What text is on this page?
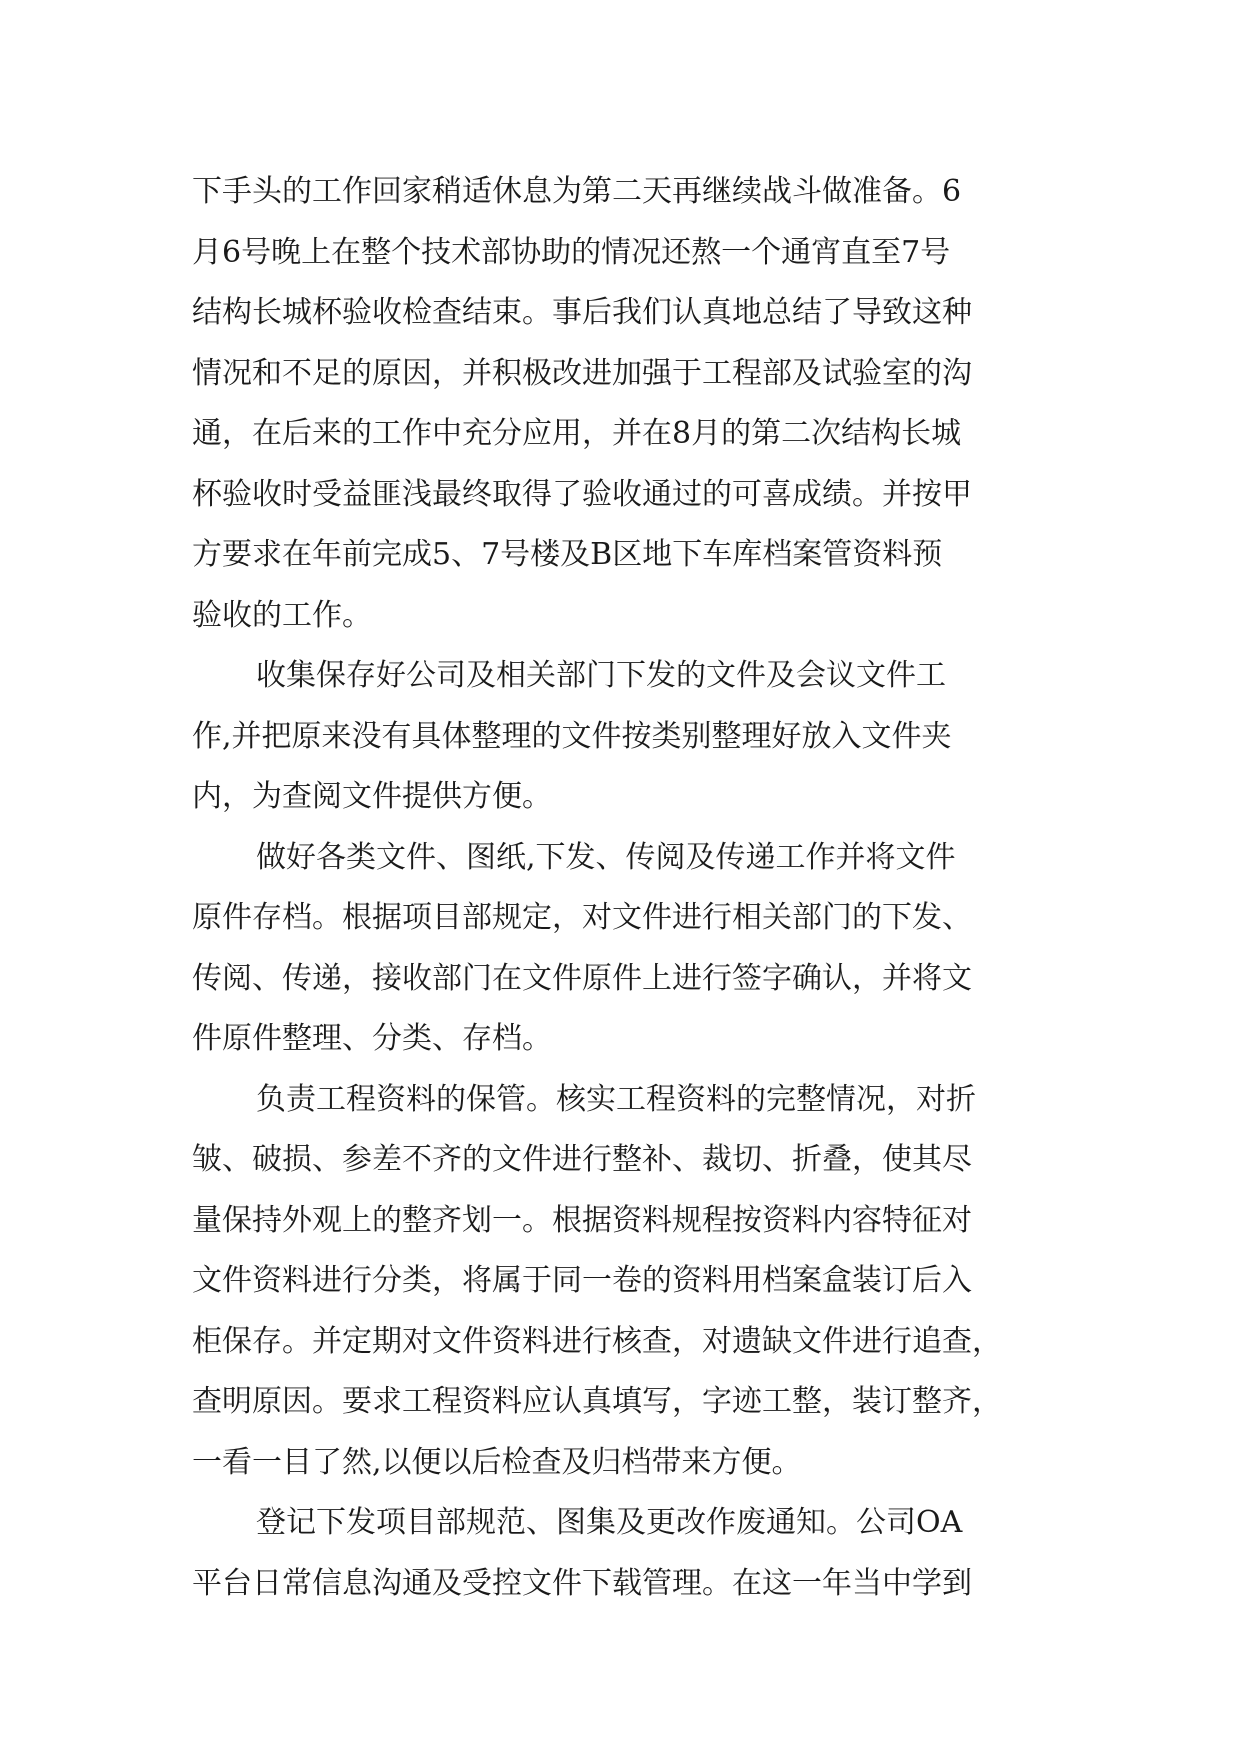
下手头的工作回家稍适休息为第二天再继续战斗做准备。6
月6号晚上在整个技术部协助的情况还熬一个通宵直至7号
结构长城杯验收检查结束。事后我们认真地总结了导致这种
情况和不足的原因，并积极改进加强于工程部及试验室的沟
通，在后来的工作中充分应用，并在8月的第二次结构长城
杯验收时受益匪浅最终取得了验收通过的可喜成绩。并按甲
方要求在年前完成5、7号楼及B区地下车库档案管资料预
验收的工作。
收集保存好公司及相关部门下发的文件及会议文件工
作,并把原来没有具体整理的文件按类别整理好放入文件夹
内，为查阅文件提供方便。
做好各类文件、图纸,下发、传阅及传递工作并将文件
原件存档。根据项目部规定，对文件进行相关部门的下发、
传阅、传递，接收部门在文件原件上进行签字确认，并将文
件原件整理、分类、存档。
负责工程资料的保管。核实工程资料的完整情况，对折
皱、破损、参差不齐的文件进行整补、裁切、折叠，使其尽
量保持外观上的整齐划一。根据资料规程按资料内容特征对
文件资料进行分类，将属于同一卷的资料用档案盒装订后入
柜保存。并定期对文件资料进行核查，对遗缺文件进行追查，
查明原因。要求工程资料应认真填写，字迹工整，装订整齐，
一看一目了然,以便以后检查及归档带来方便。
登记下发项目部规范、图集及更改作废通知。公司OA
平台日常信息沟通及受控文件下载管理。在这一年当中学到
